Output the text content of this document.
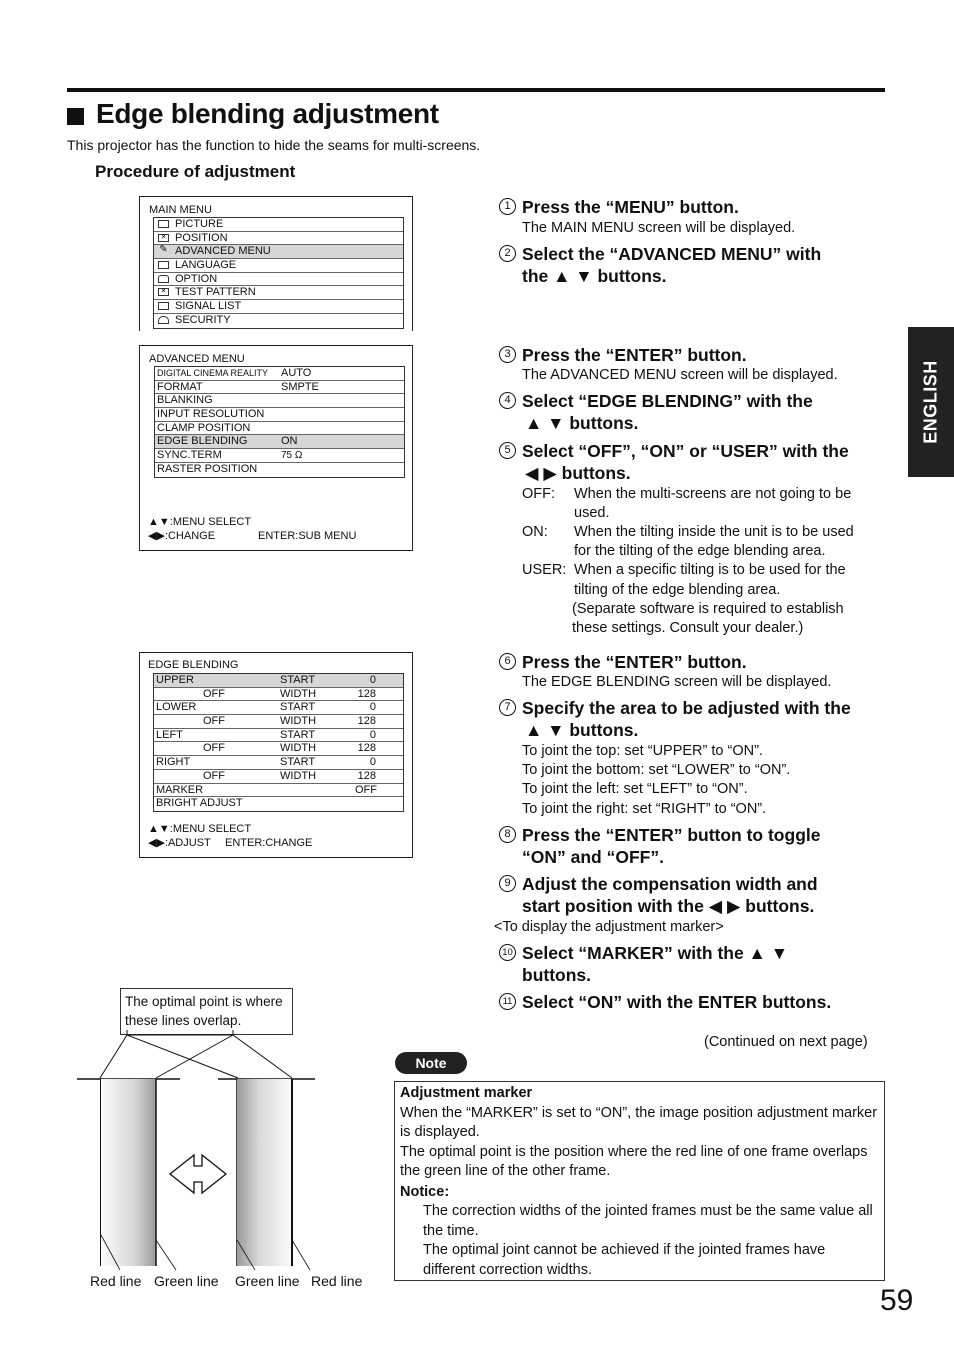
Edge blending adjustment
This projector has the function to hide the seams for multi-screens.
Procedure of adjustment
ENGLISH
MAIN MENU
PICTURE
✕ POSITION
✎ ADVANCED MENU
LANGUAGE
OPTION
✕ TEST PATTERN
SIGNAL LIST
SECURITY
ADVANCED MENU
DIGITAL CINEMA REALITY AUTO
FORMAT	SMPTE
BLANKING
INPUT RESOLUTION
CLAMP POSITION
EDGE BLENDING	ON
SYNC.TERM	75 Ω
RASTER POSITION
▲▼:MENU SELECT
◀▶:CHANGE	ENTER:SUB MENU
EDGE BLENDING
UPPER	START	0
OFF	WIDTH	128
LOWER	START	0
OFF	WIDTH	128
LEFT	START	0
OFF	WIDTH	128
RIGHT	START	0
OFF	WIDTH	128
MARKER	OFF
BRIGHT ADJUST
▲▼:MENU SELECT
◀▶:ADJUST ENTER:CHANGE
1 Press the “MENU” button.
The MAIN MENU screen will be displayed.
2 Select the “ADVANCED MENU” with
the ▲ ▼ buttons.
3 Press the “ENTER” button.
The ADVANCED MENU screen will be displayed.
4 Select “EDGE BLENDING” with the
▲ ▼ buttons.
5 Select “OFF”, “ON” or “USER” with the
◀ ▶ buttons.
OFF: When the multi-screens are not going to be
used.
ON: When the tilting inside the unit is to be used
for the tilting of the edge blending area.
USER: When a specific tilting is to be used for the
tilting of the edge blending area.
(Separate software is required to establish
these settings. Consult your dealer.)
6 Press the “ENTER” button.
The EDGE BLENDING screen will be displayed.
7 Specify the area to be adjusted with the
▲ ▼ buttons.
To joint the top: set “UPPER” to “ON”.
To joint the bottom: set “LOWER” to “ON”.
To joint the left: set “LEFT” to “ON”.
To joint the right: set “RIGHT” to “ON”.
8 Press the “ENTER” button to toggle
“ON” and “OFF”.
9 Adjust the compensation width and
start position with the ◀ ▶ buttons.
<To display the adjustment marker>
10 Select “MARKER” with the ▲ ▼
buttons.
11 Select “ON” with the ENTER buttons.
(Continued on next page)
Note
Adjustment marker
When the “MARKER” is set to “ON”, the image position adjustment marker is displayed.
The optimal point is the position where the red line of one frame overlaps the green line of the other frame.
Notice:
The correction widths of the jointed frames must be the same value all the time.
The optimal joint cannot be achieved if the jointed frames have different correction widths.
The optimal point is where these lines overlap.
Red line Green line Green line Red line
59
